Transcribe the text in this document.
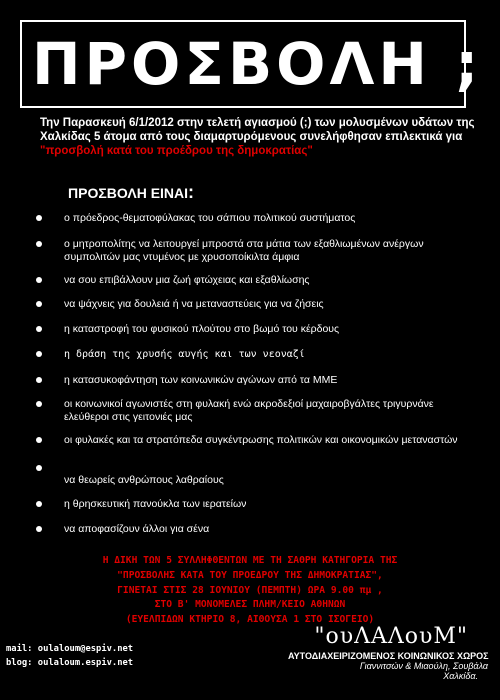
ΠΡΟΣΒΟΛΗ ;
Την Παρασκευή 6/1/2012 στην τελετή αγιασμού (;) των μολυσμένων υδάτων της Χαλκίδας 5 άτομα από τους διαμαρτυρόμενους συνελήφθησαν επιλεκτικά για "προσβολή κατά του προέδρου της δημοκρατίας"
ΠΡΟΣΒΟΛΗ ΕΙΝΑΙ:
ο πρόεδρος-θεματοφύλακας του σάπιου πολιτικού συστήματος
ο μητροπολίτης να λειτουργεί μπροστά στα μάτια των εξαθλιωμένων ανέργων συμπολιτών μας ντυμένος με χρυσοποίκιλτα άμφια
να σου επιβάλλουν μια ζωή φτώχειας και εξαθλίωσης
να ψάχνεις για δουλειά ή να μεταναστεύεις για να ζήσεις
η καταστροφή του φυσικού πλούτου στο βωμό του κέρδους
η δράση της χρυσής αυγής και των νεοναζί
η κατασυκοφάντηση των κοινωνικών αγώνων από τα ΜΜΕ
οι κοινωνικοί αγωνιστές στη φυλακή ενώ ακροδεξιοί μαχαιροβγάλτες τριγυρνάνε ελεύθεροι στις γειτονιές μας
οι φυλακές και τα στρατόπεδα συγκέντρωσης πολιτικών και οικονομικών μεταναστών
να θεωρείς ανθρώπους λαθραίους
η θρησκευτική πανούκλα των ιερατείων
να αποφασίζουν άλλοι για σένα
Η ΔΙΚΗ ΤΩΝ 5 ΣΥΛΛΗΦΘΕΝΤΩΝ ΜΕ ΤΗ ΣΑΘΡΗ ΚΑΤΗΓΟΡΙΑ ΤΗΣ
"ΠΡΟΣΒΟΛΗΣ ΚΑΤΑ ΤΟΥ ΠΡΟΕΔΡΟΥ ΤΗΣ ΔΗΜΟΚΡΑΤΙΑΣ",
ΓΙΝΕΤΑΙ ΣΤΙΣ 28 ΙΟΥΝΙΟΥ (ΠΕΜΠΤΗ) ΩΡΑ 9.00 πμ ,
ΣΤΟ Β' ΜΟΝΟΜΕΛΕΣ ΠΛΗΜ/ΚΕΙΟ ΑΘΗΝΩΝ
(ΕΥΕΛΠΙΔΩΝ ΚΤΗΡΙΟ 8, ΑΙΘΟΥΣΑ 1 ΣΤΟ ΙΣΟΓΕΙΟ)
mail: oulaloum@espiv.net
blog: oulaloum.espiv.net
"ουΛΑΛουΜ"
ΑΥΤΟΔΙΑΧΕΙΡΙΖΟΜΕΝΟΣ ΚΟΙΝΩΝΙΚΟΣ ΧΩΡΟΣ
Γιαννιτσών & Μιαούλη, Σουβάλα
Χαλκίδα.
